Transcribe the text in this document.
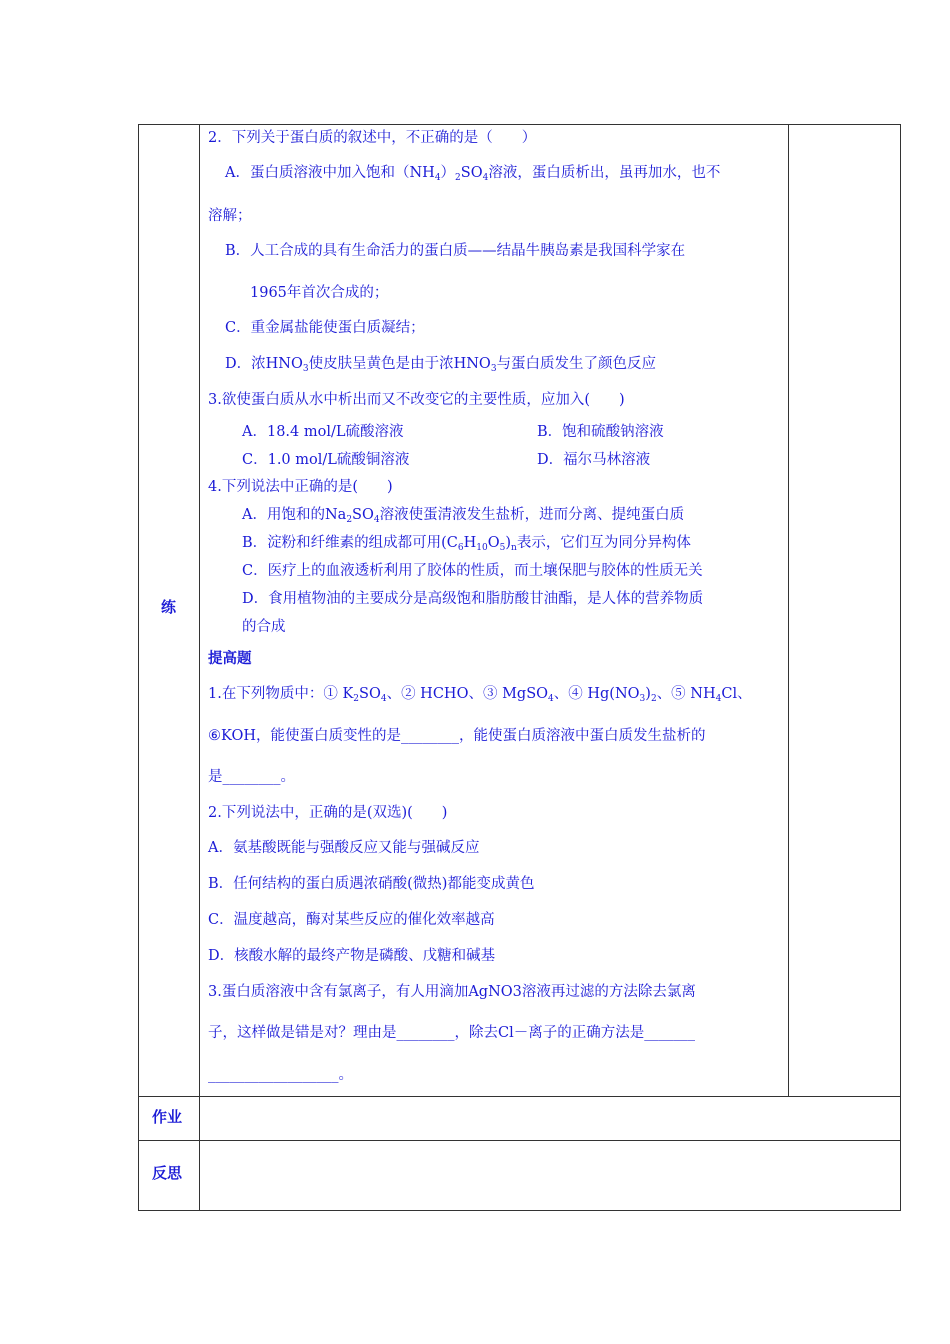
练
作业
反思
2．下列关于蛋白质的叙述中，不正确的是（　　）
A．蛋白质溶液中加入饱和$(NH_4)_2SO_4$溶液，蛋白质析出，虽再加水，也不
溶解；
B．人工合成的具有生命活力的蛋白质——结晶牛胰岛素是我国科学家在
1965年首次合成的；
C．重金属盐能使蛋白质凝结；
D．浓$HNO_3$使皮肤呈黄色是由于浓$HNO_3$与蛋白质发生了颜色反应
3.欲使蛋白质从水中析出而又不改变它的主要性质，应加入(　　)
A．18.4 mol/L硫酸溶液	B．饱和硫酸钠溶液
C．1.0 mol/L硫酸铜溶液	D．福尔马林溶液
4.下列说法中正确的是(　　)
A．用饱和的$Na_2SO_4$溶液使蛋清液发生盐析，进而分离、提纯蛋白质
B．淀粉和纤维素的组成都可用$(C_6H_{10}O_5)_n$表示，它们互为同分异构体
C．医疗上的血液透析利用了胶体的性质，而土壤保肥与胶体的性质无关
D．食用植物油的主要成分是高级饱和脂肪酸甘油酯，是人体的营养物质
的合成
提高题
1.在下列物质中：① $K_2SO_4$、② HCHO、③ MgSO$_4$、④ $Hg(NO_3)_2$、⑤ $NH_4Cl$、
⑥KOH，能使蛋白质变性的是________，能使蛋白质溶液中蛋白质发生盐析的
是________。
2.下列说法中，正确的是(双选)(　　)
A．氨基酸既能与强酸反应又能与强碱反应
B．任何结构的蛋白质遇浓硝酸(微热)都能变成黄色
C．温度越高，酶对某些反应的催化效率越高
D．核酸水解的最终产物是磷酸、戊糖和碱基
3.蛋白质溶液中含有氯离子，有人用滴加AgNO3溶液再过滤的方法除去氯离
子，这样做是错是对？理由是________，除去Cl－离子的正确方法是_______
__________________。
